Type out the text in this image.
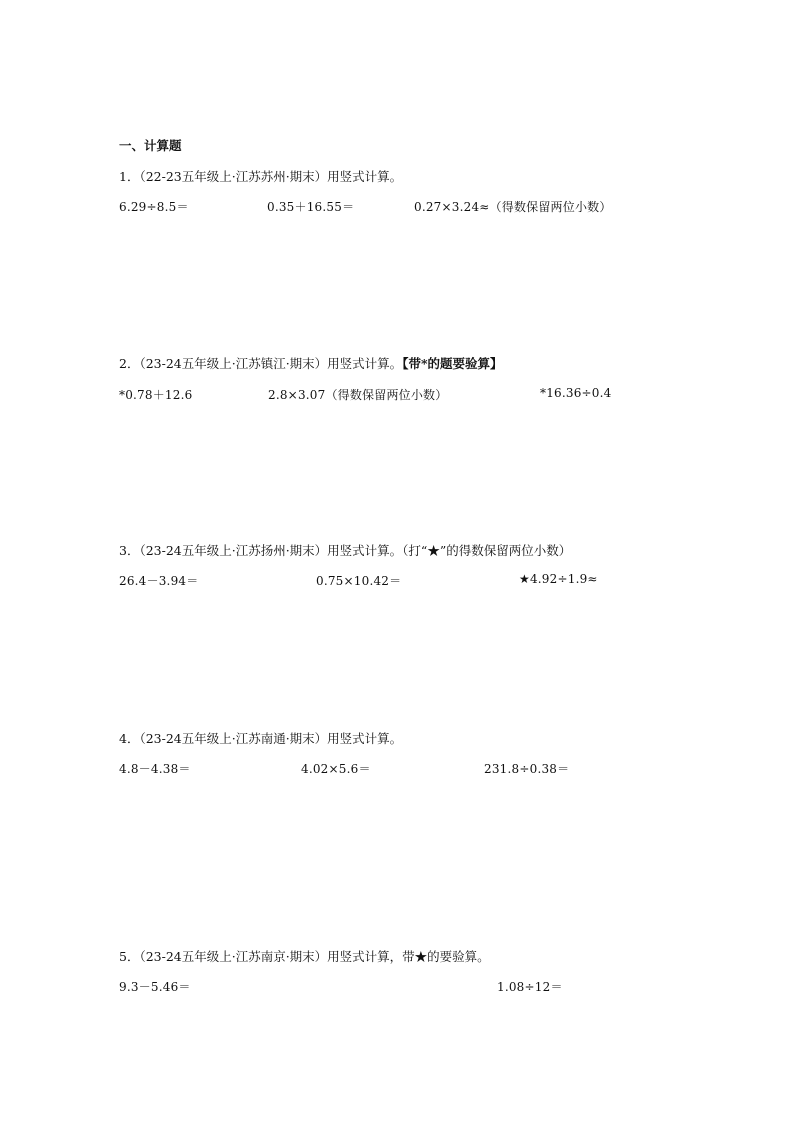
一、计算题
1．（22-23五年级上·江苏苏州·期末）用竖式计算。
6.29÷8.5＝	0.35＋16.55＝	0.27×3.24≈（得数保留两位小数）
2．（23-24五年级上·江苏镇江·期末）用竖式计算。【带*的题要验算】
*0.78＋12.6	2.8×3.07（得数保留两位小数）	*16.36÷0.4
3．（23-24五年级上·江苏扬州·期末）用竖式计算。（打“★”的得数保留两位小数）
26.4－3.94＝	0.75×10.42＝	★4.92÷1.9≈
4．（23-24五年级上·江苏南通·期末）用竖式计算。
4.8－4.38＝	4.02×5.6＝	231.8÷0.38＝
5．（23-24五年级上·江苏南京·期末）用竖式计算，带★的要验算。
9.3－5.46＝	1.08÷12＝
